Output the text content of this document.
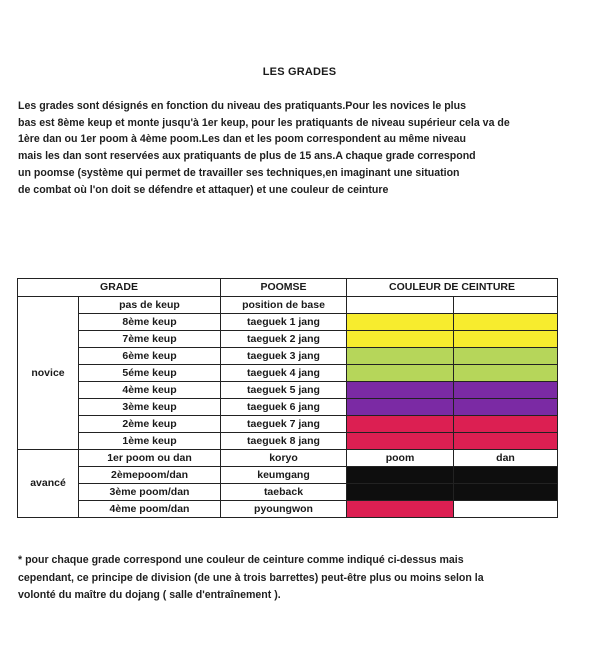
LES GRADES
Les grades sont désignés en fonction du niveau des pratiquants.Pour les novices le plus
bas est 8ème keup et monte jusqu'à 1er keup, pour les pratiquants de niveau supérieur cela va de
1ère dan ou 1er poom à 4ème poom.Les dan et les poom correspondent au même niveau
mais les dan sont reservées aux pratiquants de plus de 15 ans.A chaque grade correspond
un poomse (système qui permet de travailler ses techniques,en imaginant une situation
de combat où l'on doit se défendre et attaquer) et une couleur de ceinture
GRADE		POOMSE	COULEUR DE CEINTURE	
novice	pas de keup	position de base		
	8ème keup	taeguek 1 jang		
	7ème keup	taeguek 2 jang		
	6ème keup	taeguek 3 jang		
	5éme keup	taeguek 4 jang		
	4ème keup	taeguek 5 jang		
	3ème keup	taeguek 6 jang		
	2ème keup	taeguek 7 jang		
	1ème keup	taeguek 8 jang		
avancé	1er poom ou dan	koryo	poom	dan
	2èmepoom/dan	keumgang		
	3ème poom/dan	taeback		
	4ème poom/dan	pyoungwon		
* pour chaque grade correspond une couleur de ceinture comme indiqué ci-dessus mais
cependant, ce principe de division (de une à trois barrettes) peut-être plus ou moins selon la
volonté du maître du dojang ( salle d'entraînement ).
